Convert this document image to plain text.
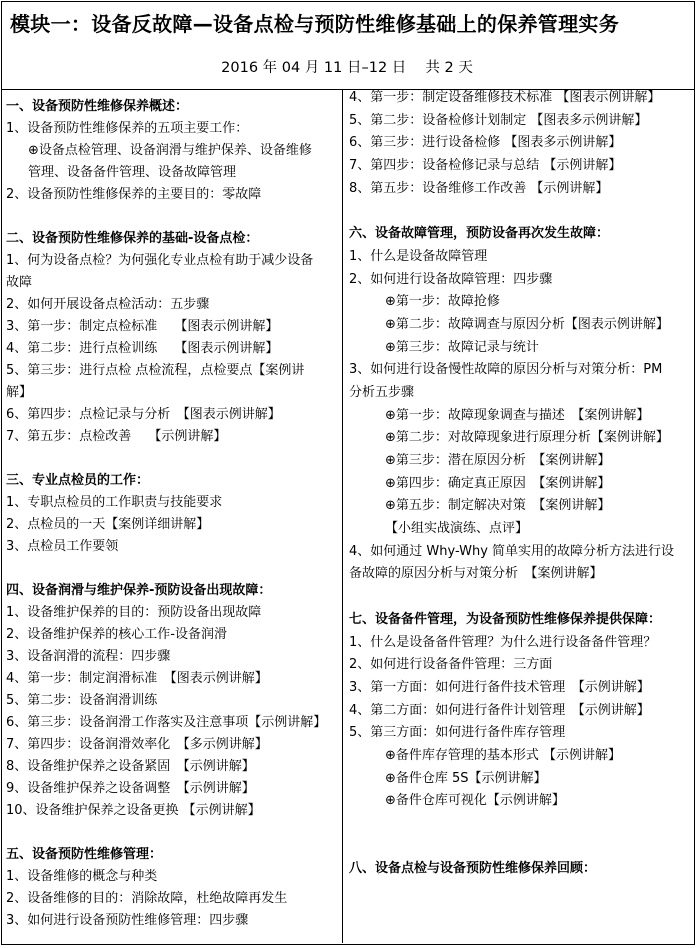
模块一：设备反故障—设备点检与预防性维修基础上的保养管理实务
2016 年 04 月 11 日–12 日　 共 2 天
一、设备预防性维修保养概述：
1、设备预防性维修保养的五项主要工作：
⊕设备点检管理、设备润滑与维护保养、设备维修
管理、设备备件管理、设备故障管理
2、设备预防性维修保养的主要目的：零故障
二、设备预防性维修保养的基础-设备点检：
1、何为设备点检？为何强化专业点检有助于减少设备
故障
2、如何开展设备点检活动：五步骤
3、第一步：制定点检标准　 【图表示例讲解】
4、第二步：进行点检训练　 【图表示例讲解】
5、第三步：进行点检 点检流程，点检要点【案例讲
解】
6、第四步：点检记录与分析　【图表示例讲解】
7、第五步：点检改善　 【示例讲解】
三、专业点检员的工作：
1、专职点检员的工作职责与技能要求
2、点检员的一天【案例详细讲解】
3、点检员工作要领
四、设备润滑与维护保养-预防设备出现故障：
1、设备维护保养的目的：预防设备出现故障
2、设备维护保养的核心工作-设备润滑
3、设备润滑的流程：四步骤
4、第一步：制定润滑标准　【图表示例讲解】
5、第二步：设备润滑训练
6、第三步：设备润滑工作落实及注意事项【示例讲解】
7、第四步：设备润滑效率化　【多示例讲解】
8、设备维护保养之设备紧固　【示例讲解】
9、设备维护保养之设备调整　【示例讲解】
10、设备维护保养之设备更换 【示例讲解】
五、设备预防性维修管理：
1、设备维修的概念与种类
2、设备维修的目的：消除故障，杜绝故障再发生
3、如何进行设备预防性维修管理：四步骤
4、第一步：制定设备维修技术标准 【图表示例讲解】
5、第二步：设备检修计划制定 【图表多示例讲解】
6、第三步：进行设备检修 【图表多示例讲解】
7、第四步：设备检修记录与总结 【示例讲解】
8、第五步：设备维修工作改善 【示例讲解】
六、设备故障管理，预防设备再次发生故障：
1、什么是设备故障管理
2、如何进行设备故障管理：四步骤
⊕第一步：故障抢修
⊕第二步：故障调查与原因分析【图表示例讲解】
⊕第三步：故障记录与统计
3、如何进行设备慢性故障的原因分析与对策分析：PM
分析五步骤
⊕第一步：故障现象调查与描述　【案例讲解】
⊕第二步：对故障现象进行原理分析【案例讲解】
⊕第三步：潜在原因分析　【案例讲解】
⊕第四步：确定真正原因　【案例讲解】
⊕第五步：制定解决对策　【案例讲解】
【小组实战演练、点评】
4、如何通过 Why-Why 简单实用的故障分析方法进行设
备故障的原因分析与对策分析　【案例讲解】
七、设备备件管理，为设备预防性维修保养提供保障：
1、什么是设备备件管理？为什么进行设备备件管理？
2、如何进行设备备件管理：三方面
3、第一方面：如何进行备件技术管理　【示例讲解】
4、第二方面：如何进行备件计划管理　【示例讲解】
5、第三方面：如何进行备件库存管理
⊕备件库存管理的基本形式 【示例讲解】
⊕备件仓库 5S【示例讲解】
⊕备件仓库可视化【示例讲解】
八、设备点检与设备预防性维修保养回顾：
